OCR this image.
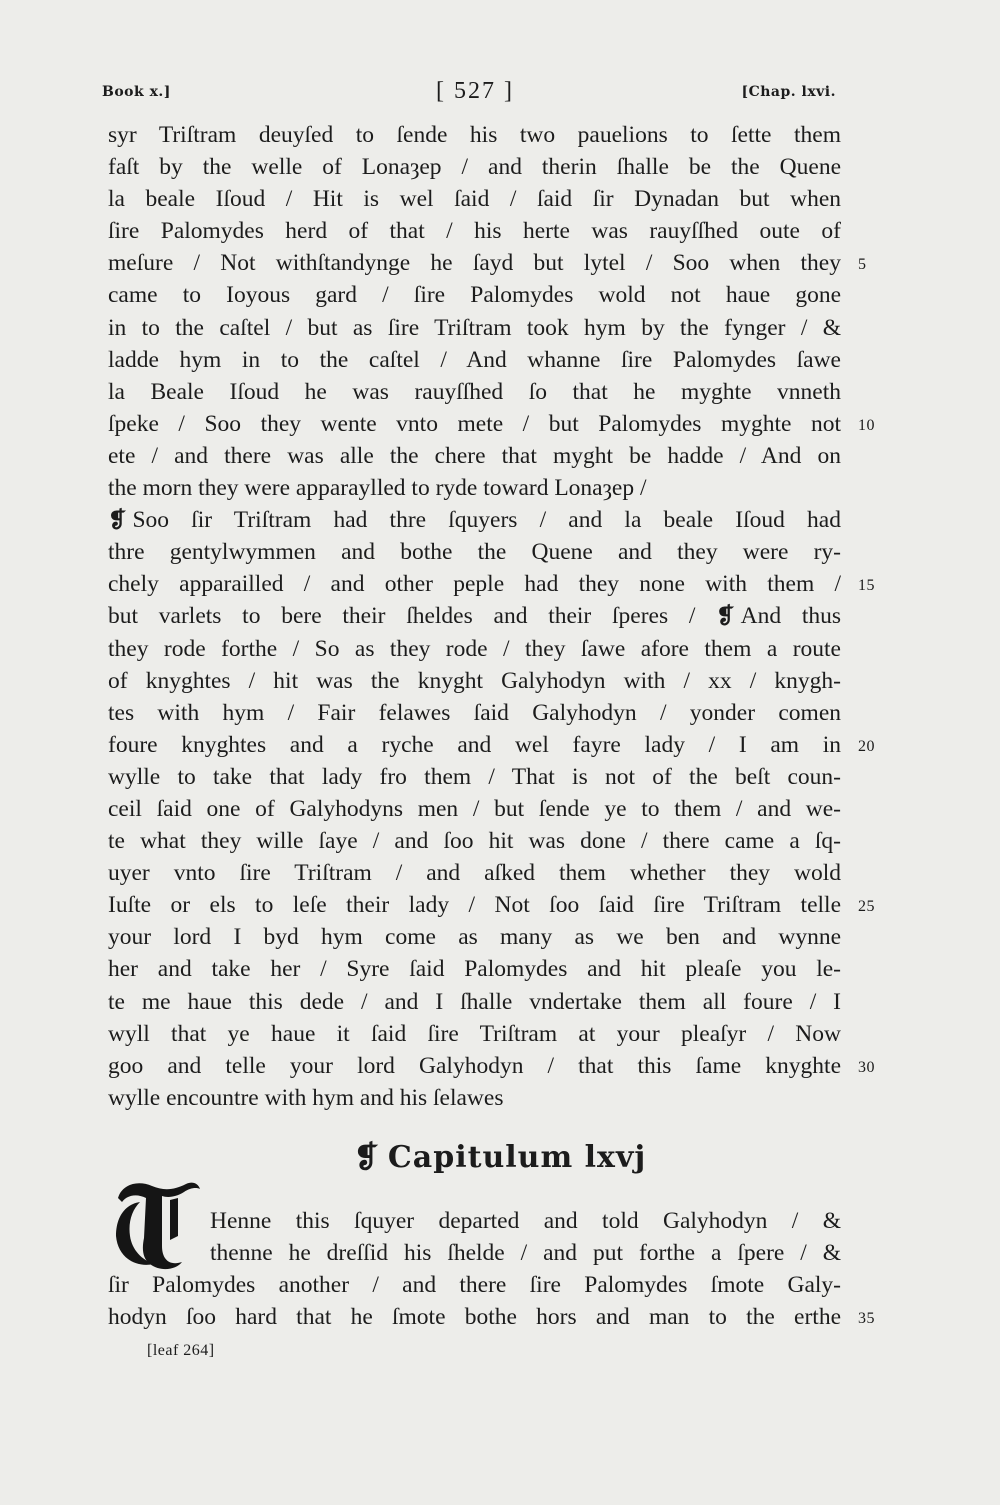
Book x.]	[ 527 ]	[Chap. lxvi.
syr Triſtram deuyſed to ſende his two pauelions to ſette them
faſt by the welle of Lonaȝep / and therin ſhalle be the Quene
la beale Iſoud / Hit is wel ſaid / ſaid ſir Dynadan but when
ſire Palomydes herd of that / his herte was rauyſſhed oute of
meſure / Not withſtandynge he ſayd but lytel / Soo when they 5
came to Ioyous gard / ſire Palomydes wold not haue gone
in to the caſtel / but as ſire Triſtram took hym by the fynger / &
ladde hym in to the caſtel / And whanne ſire Palomydes ſawe
la Beale Iſoud he was rauyſſhed ſo that he myghte vnneth
ſpeke / Soo they wente vnto mete / but Palomydes myghte not 10
ete / and there was alle the chere that myght be hadde / And on
the morn they were apparaylled to ryde toward Lonaȝep /
❡ Soo ſir Triſtram had thre ſquyers / and la beale Iſoud had
thre gentylwymmen and bothe the Quene and they were ry-
chely apparailled / and other peple had they none with them / 15
but varlets to bere their ſheldes and their ſperes / ❡ And thus
they rode forthe / So as they rode / they ſawe afore them a route
of knyghtes / hit was the knyght Galyhodyn with / xx / knygh-
tes with hym / Fair felawes ſaid Galyhodyn / yonder comen
foure knyghtes and a ryche and wel fayre lady / I am in 20
wylle to take that lady fro them / That is not of the beſt coun-
ceil ſaid one of Galyhodyns men / but ſende ye to them / and we-
te what they wille ſaye / and ſoo hit was done / there came a ſq-
uyer vnto ſire Triſtram / and aſked them whether they wold
Iuſte or els to leſe their lady / Not ſoo ſaid ſire Triſtram telle 25
your lord I byd hym come as many as we ben and wynne
her and take her / Syre ſaid Palomydes and hit pleaſe you le-
te me haue this dede / and I ſhalle vndertake them all foure / I
wyll that ye haue it ſaid ſire Triſtram at your pleaſyr / Now
goo and telle your lord Galyhodyn / that this ſame knyghte 30
wylle encountre with hym and his ſelawes
❡ Capitulum lxvj
Henne this ſquyer departed and told Galyhodyn / &
thenne he dreſſid his ſhelde / and put forthe a ſpere / &
ſir Palomydes another / and there ſire Palomydes ſmote Galy-
hodyn ſoo hard that he ſmote bothe hors and man to the erthe 35
[leaf 264]
